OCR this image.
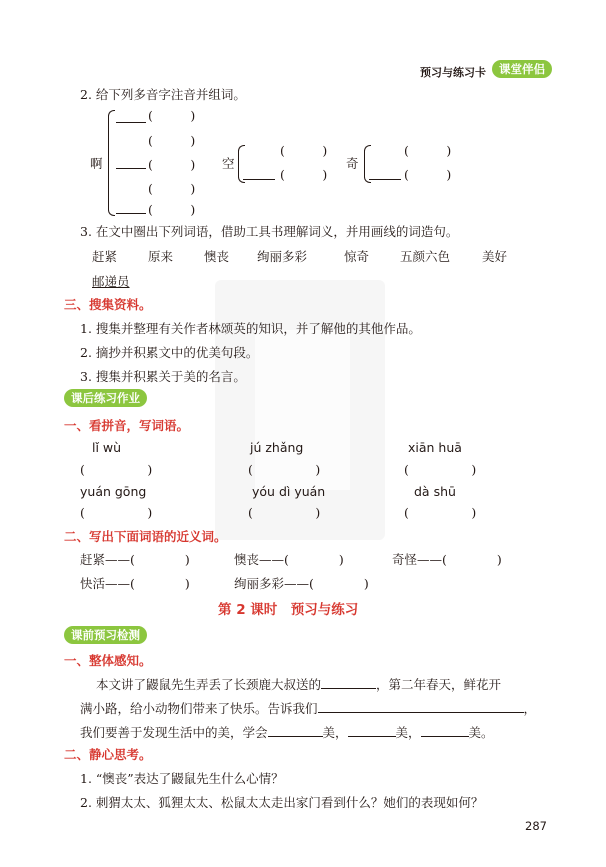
预习与练习卡	课堂伴侣
2. 给下列多音字注音并组词。
啊
(　　　)
(　　　)
(　　　)
(　　　)
(　　　)
空
(　　　)
(　　　)
奇
(　　　)
(　　　)
3. 在文中圈出下列词语，借助工具书理解词义，并用画线的词造句。
赶紧 原来 懊丧 绚丽多彩	惊奇 五颜六色	美好
邮递员
三、搜集资料。
1. 搜集并整理有关作者林颂英的知识，并了解他的其他作品。
2. 摘抄并积累文中的优美句段。
3. 搜集并积累关于美的名言。
课后练习作业
一、看拼音，写词语。
lǐ wù	jú zhǎng	xiān huā
(　　　　　)	(　　　　　)	(　　　　　)
yuán gōng	yóu dì yuán	dà shū
(　　　　　)	(　　　　　)	(　　　　　)
二、写出下面词语的近义词。
赶紧——(　　　　)	懊丧——(　　　　)	奇怪——(　　　　)
快活——(　　　　)	绚丽多彩——(　　　　)
第 2 课时　预习与练习
课前预习检测
一、整体感知。
本文讲了鼹鼠先生弄丢了长颈鹿大叔送的	，第二年春天，鲜花开
满小路，给小动物们带来了快乐。告诉我们	，
我们要善于发现生活中的美，学会	美，	美，	美。
二、静心思考。
1. “懊丧”表达了鼹鼠先生什么心情？
2. 刺猬太太、狐狸太太、松鼠太太走出家门看到什么？她们的表现如何？
287
